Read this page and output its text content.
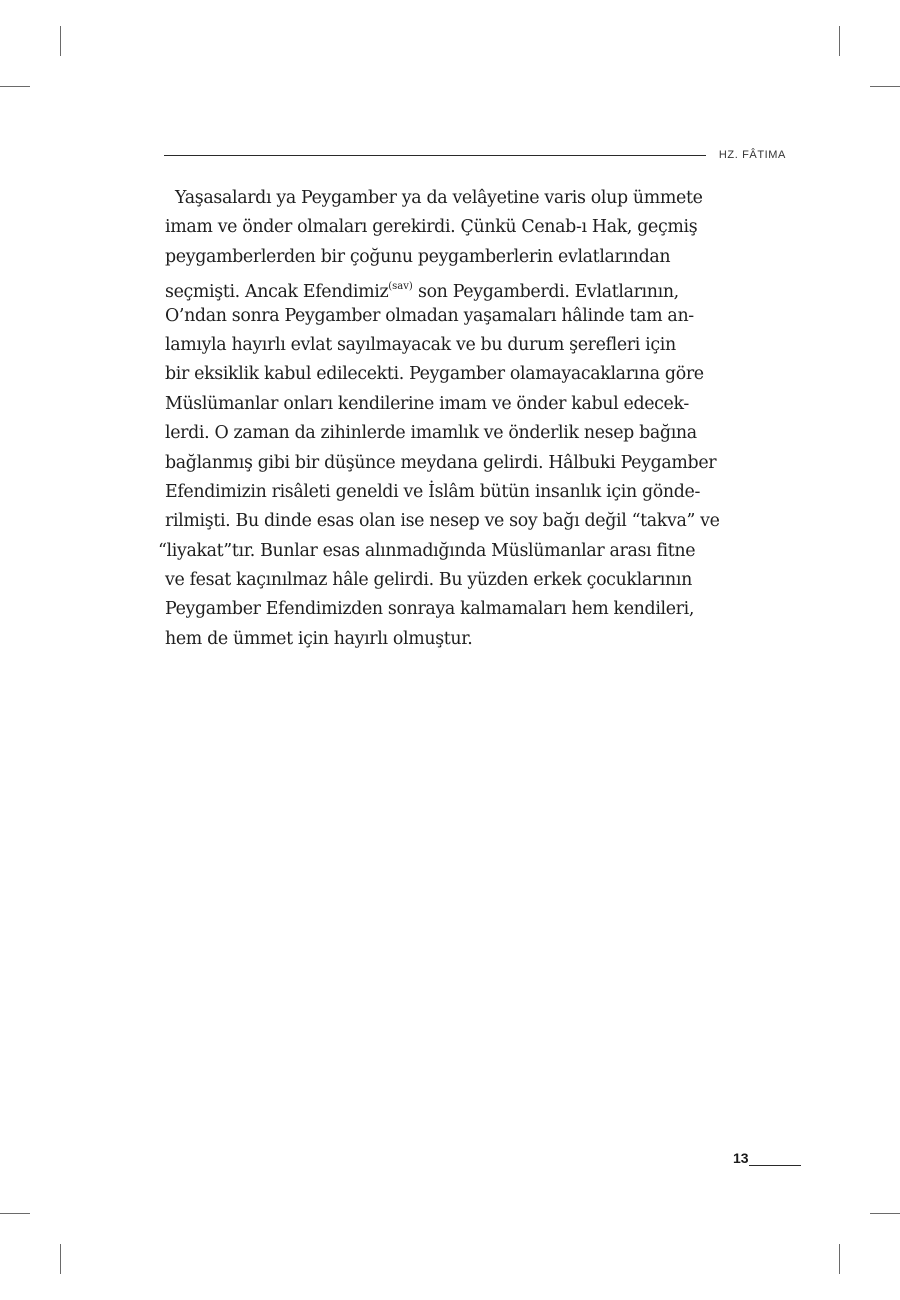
HZ. FÂTIMA

Yaşasalardı ya Peygamber ya da velâyetine varis olup ümmete
imam ve önder olmaları gerekirdi. Çünkü Cenab-ı Hak, geçmiş
peygamberlerden bir çoğunu peygamberlerin evlatlarından
seçmişti. Ancak Efendimiz$^{(sav)}$ son Peygamberdi. Evlatlarının,
O’ndan sonra Peygamber olmadan yaşamaları hâlinde tam an-
lamıyla hayırlı evlat sayılmayacak ve bu durum şerefleri için
bir eksiklik kabul edilecekti. Peygamber olamayacaklarına göre
Müslümanlar onları kendilerine imam ve önder kabul edecek-
lerdi. O zaman da zihinlerde imamlık ve önderlik nesep bağına
bağlanmış gibi bir düşünce meydana gelirdi. Hâlbuki Peygamber
Efendimizin risâleti geneldi ve İslâm bütün insanlık için gönde-
rilmişti. Bu dinde esas olan ise nesep ve soy bağı değil “takva” ve
“liyakat”tır. Bunlar esas alınmadığında Müslümanlar arası fitne
ve fesat kaçınılmaz hâle gelirdi. Bu yüzden erkek çocuklarının
Peygamber Efendimizden sonraya kalmamaları hem kendileri,
hem de ümmet için hayırlı olmuştur.

13
